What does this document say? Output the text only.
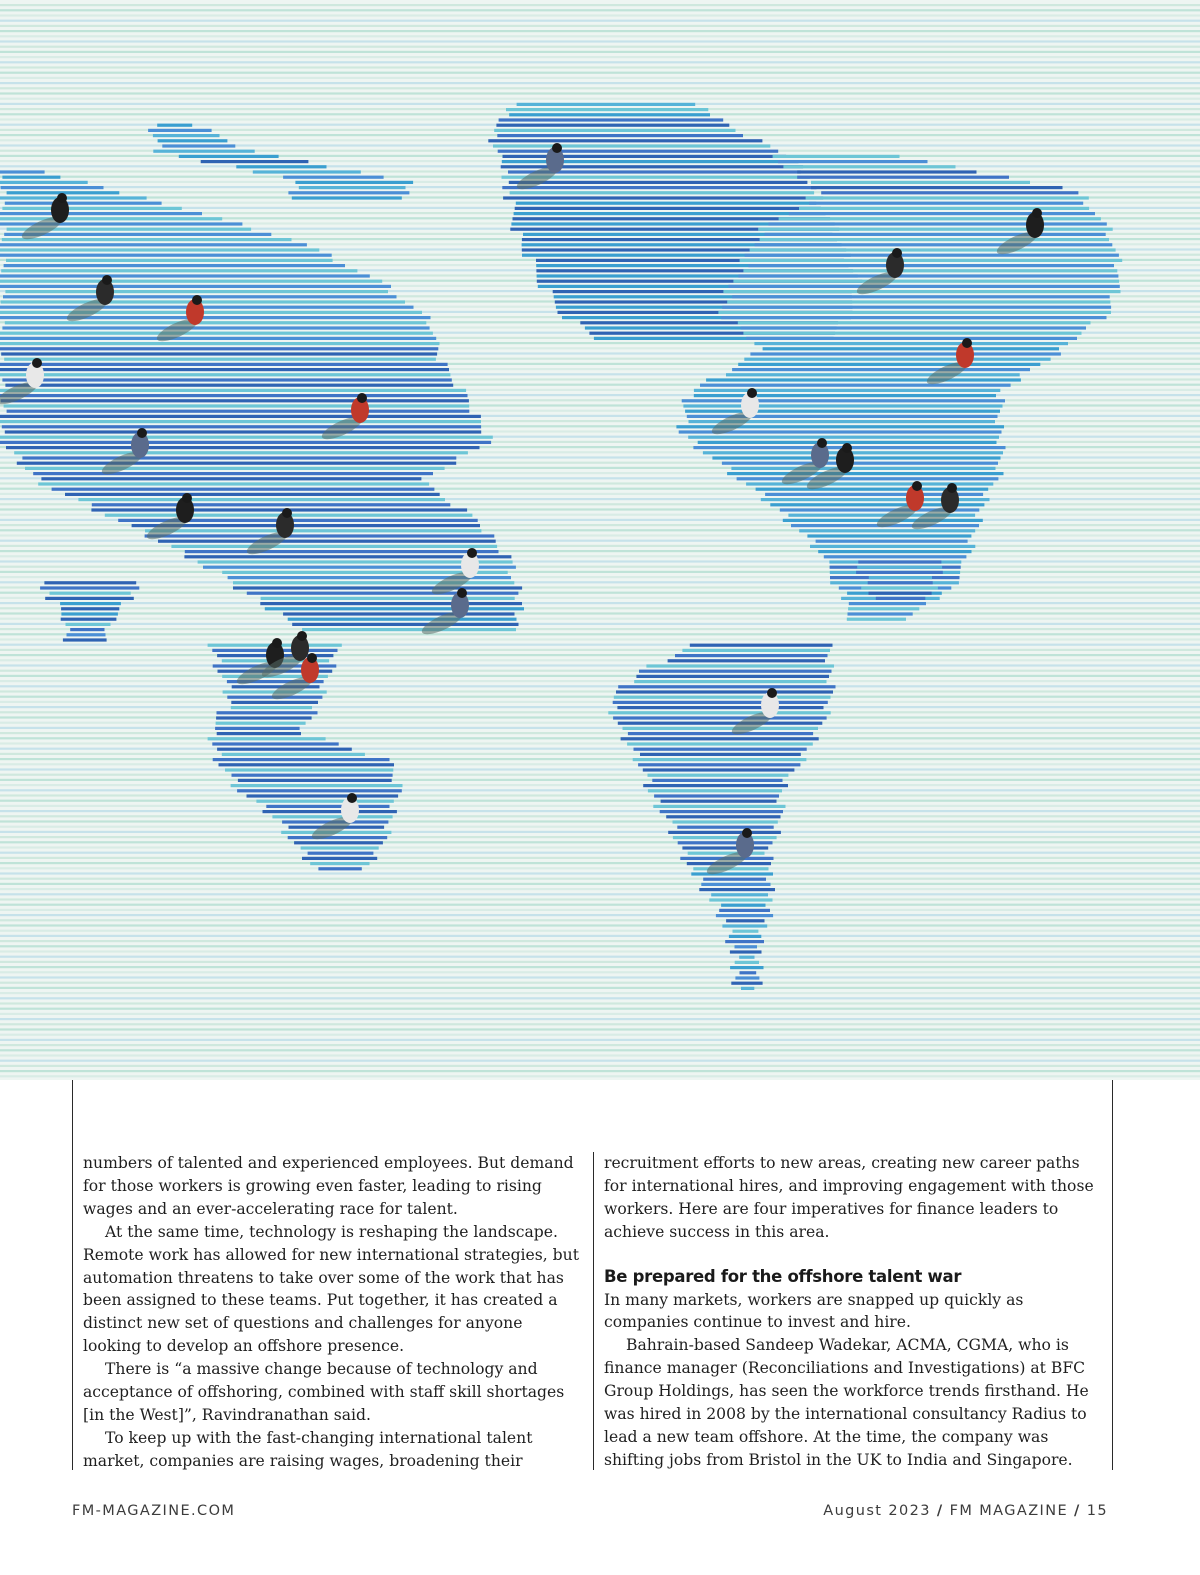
numbers of talented and experienced employees. But demand for those workers is growing even faster, leading to rising wages and an ever-accelerating race for talent.

At the same time, technology is reshaping the landscape. Remote work has allowed for new international strategies, but automation threatens to take over some of the work that has been assigned to these teams. Put together, it has created a distinct new set of questions and challenges for anyone looking to develop an offshore presence.

There is “a massive change because of technology and acceptance of offshoring, combined with staff skill shortages [in the West]”, Ravindranathan said.

To keep up with the fast-changing international talent market, companies are raising wages, broadening their

recruitment efforts to new areas, creating new career paths for international hires, and improving engagement with those workers. Here are four imperatives for finance leaders to achieve success in this area.

Be prepared for the offshore talent war

In many markets, workers are snapped up quickly as companies continue to invest and hire.

Bahrain-based Sandeep Wadekar, ACMA, CGMA, who is finance manager (Reconciliations and Investigations) at BFC Group Holdings, has seen the workforce trends firsthand. He was hired in 2008 by the international consultancy Radius to lead a new team offshore. At the time, the company was shifting jobs from Bristol in the UK to India and Singapore.

FM-MAGAZINE.COM	August 2023 / FM MAGAZINE / 15
